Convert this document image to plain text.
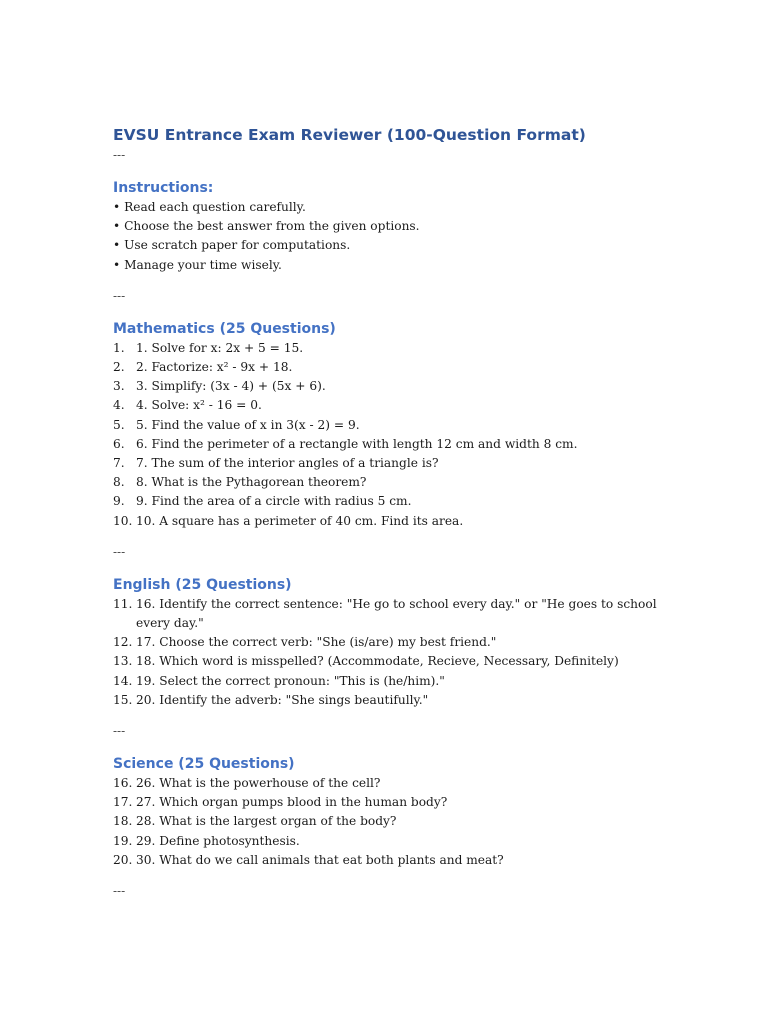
EVSU Entrance Exam Reviewer (100-Question Format)

---

Instructions:
• Read each question carefully.
• Choose the best answer from the given options.
• Use scratch paper for computations.
• Manage your time wisely.

---

Mathematics (25 Questions)
1. 1. Solve for x: 2x + 5 = 15.
2. 2. Factorize: x² - 9x + 18.
3. 3. Simplify: (3x - 4) + (5x + 6).
4. 4. Solve: x² - 16 = 0.
5. 5. Find the value of x in 3(x - 2) = 9.
6. 6. Find the perimeter of a rectangle with length 12 cm and width 8 cm.
7. 7. The sum of the interior angles of a triangle is?
8. 8. What is the Pythagorean theorem?
9. 9. Find the area of a circle with radius 5 cm.
10. 10. A square has a perimeter of 40 cm. Find its area.

---

English (25 Questions)
11. 16. Identify the correct sentence: "He go to school every day." or "He goes to school every day."
12. 17. Choose the correct verb: "She (is/are) my best friend."
13. 18. Which word is misspelled? (Accommodate, Recieve, Necessary, Definitely)
14. 19. Select the correct pronoun: "This is (he/him)."
15. 20. Identify the adverb: "She sings beautifully."

---

Science (25 Questions)
16. 26. What is the powerhouse of the cell?
17. 27. Which organ pumps blood in the human body?
18. 28. What is the largest organ of the body?
19. 29. Define photosynthesis.
20. 30. What do we call animals that eat both plants and meat?

---
